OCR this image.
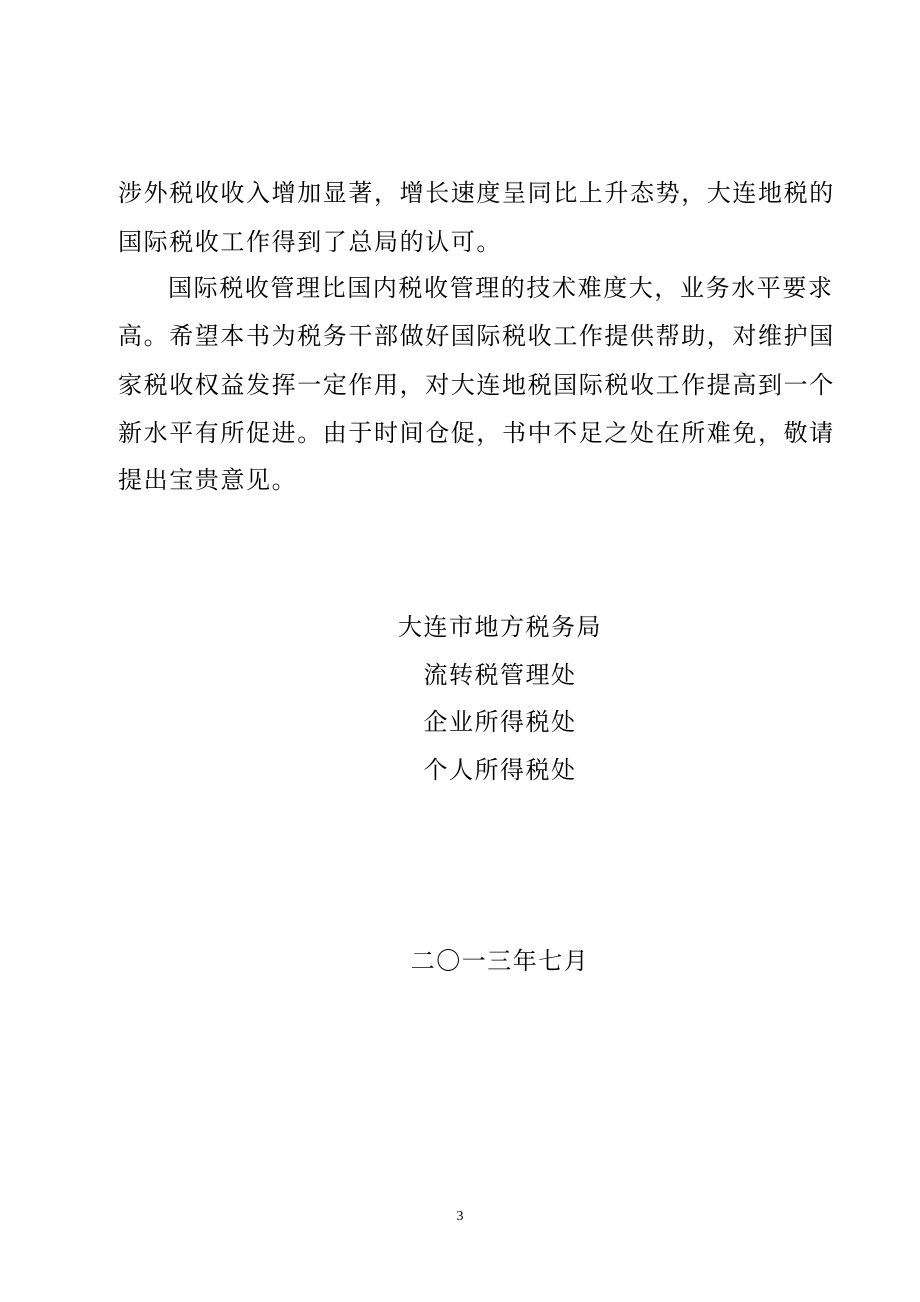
涉外税收收入增加显著，增长速度呈同比上升态势，大连地税的
国际税收工作得到了总局的认可。
国际税收管理比国内税收管理的技术难度大，业务水平要求
高。希望本书为税务干部做好国际税收工作提供帮助，对维护国
家税收权益发挥一定作用，对大连地税国际税收工作提高到一个
新水平有所促进。由于时间仓促，书中不足之处在所难免，敬请
提出宝贵意见。
大连市地方税务局
流转税管理处
企业所得税处
个人所得税处
二〇一三年七月
3
